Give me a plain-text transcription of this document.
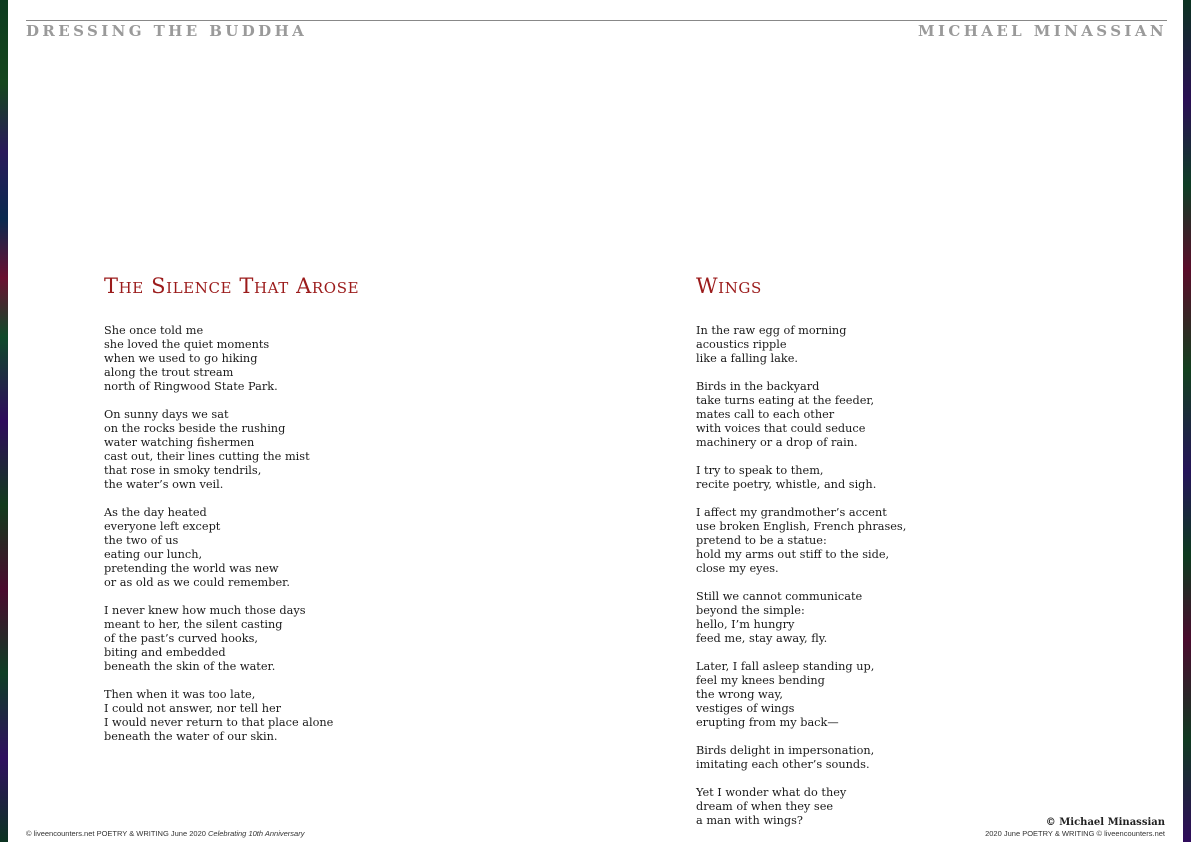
DRESSING THE BUDDHA	MICHAEL MINASSIAN
The Silence That Arose
She once told me
she loved the quiet moments
when we used to go hiking
along the trout stream
north of Ringwood State Park.
On sunny days we sat
on the rocks beside the rushing
water watching fishermen
cast out, their lines cutting the mist
that rose in smoky tendrils,
the water’s own veil.
As the day heated
everyone left except
the two of us
eating our lunch,
pretending the world was new
or as old as we could remember.
I never knew how much those days
meant to her, the silent casting
of the past’s curved hooks,
biting and embedded
beneath the skin of the water.
Then when it was too late,
I could not answer, nor tell her
I would never return to that place alone
beneath the water of our skin.
Wings
In the raw egg of morning
acoustics ripple
like a falling lake.
Birds in the backyard
take turns eating at the feeder,
mates call to each other
with voices that could seduce
machinery or a drop of rain.
I try to speak to them,
recite poetry, whistle, and sigh.
I affect my grandmother’s accent
use broken English, French phrases,
pretend to be a statue:
hold my arms out stiff to the side,
close my eyes.
Still we cannot communicate
beyond the simple:
hello, I’m hungry
feed me, stay away, fly.
Later, I fall asleep standing up,
feel my knees bending
the wrong way,
vestiges of wings
erupting from my back—
Birds delight in impersonation,
imitating each other’s sounds.
Yet I wonder what do they
dream of when they see
a man with wings?

© liveencounters.net POETRY & WRITING June 2020 Celebrating 10th Anniversary

© Michael Minassian
2020 June POETRY & WRITING © liveencounters.net
